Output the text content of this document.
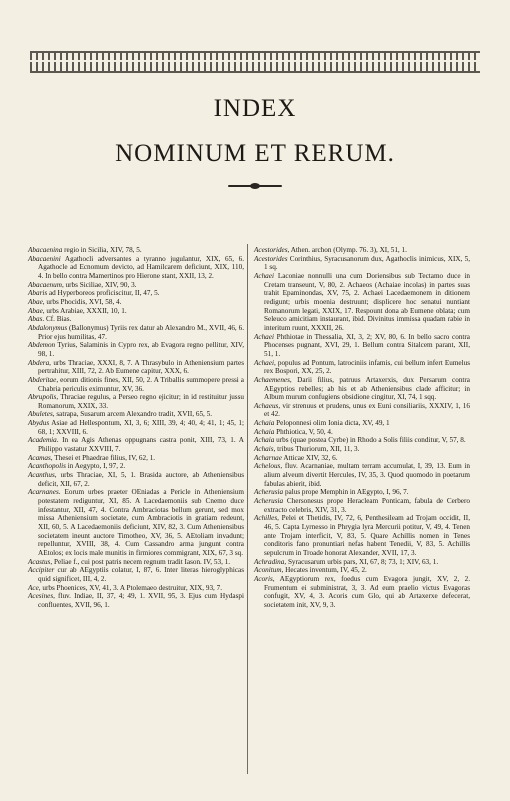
INDEX
NOMINUM ET RERUM.
Abacaenina regio in Sicilia, XIV, 78, 5.
Abacaenini Agathocli adversantes a tyranno jugulantur, XIX, 65, 6. Agathocle ad Ecnomum devicto, ad Hamilcarem deficiunt, XIX, 110, 4. In bello contra Mamertinos pro Hierone stant, XXII, 13, 2.
Abacaenum, urbs Siciliae, XIV, 90, 3.
Abaris ad Hyperboreos proficiscitur, II, 47, 5.
Abae, urbs Phocidis, XVI, 58, 4.
Abae, urbs Arabiae, XXXII, 10, 1.
Abas. Cf. Bias.
Abdalonymus (Ballonymus) Tyriis rex datur ab Alexandro M., XVII, 46, 6. Prior ejus humilitas, 47.
Abdemon Tyrius, Salaminis in Cypro rex, ab Evagora regno pellitur, XIV, 98, 1.
Abdera, urbs Thraciae, XXXI, 8, 7. A Thrasybulo in Atheniensium partes pertrahitur, XIII, 72, 2. Ab Eumene capitur, XXX, 6.
Abderitae, eorum ditionis fines, XII, 50, 2. A Triballis summopere pressi a Chabria periculis eximuntur, XV, 36.
Abrupolis, Thraciae regulus, a Perseo regno ejicitur; in id restituitur jussu Romanorum, XXIX, 33.
Abuletes, satrapa, Susarum arcem Alexandro tradit, XVII, 65, 5.
Abydus Asiae ad Hellespontum, XI, 3, 6; XIII, 39, 4; 40, 4; 41, 1; 45, 1; 68, 1; XXVIII, 6.
Academia. In ea Agis Athenas oppugnans castra ponit, XIII, 73, 1. A Philippo vastatur XXVIII, 7.
Acamas, Thesei et Phaedrae filius, IV, 62, 1.
Acanthopolis in Aegypto, I, 97, 2.
Acanthus, urbs Thraciae, XI, 5, 1. Brasida auctore, ab Atheniensibus deficit, XII, 67, 2.
Acarnanes. Eorum urbes praeter OEniadas a Pericle in Atheniensium potestatem rediguntur, XI, 85. A Lacedaemoniis sub Cnemo duce infestantur, XII, 47, 4. Contra Ambraciotas bellum gerunt, sed mox missa Atheniensium societate, cum Ambraciotis in gratiam redeunt, XII, 60, 5. A Lacedaemoniis deficiunt, XIV, 82, 3. Cum Atheniensibus societatem ineunt auctore Timotheo, XV, 36, 5. AEtoliam invadunt; repelluntur, XVIII, 38, 4. Cum Cassandro arma jungunt contra AEtolos; ex locis male munitis in firmiores commigrant, XIX, 67, 3 sq.
Acastus, Peliae f., cui post patris necem regnum tradit Iason. IV, 53, 1.
Accipiter cur ab AEgyptiis colatur, I, 87, 6. Inter literas hieroglyphicas quid significet, III, 4, 2.
Ace, urbs Phoenices, XV, 41, 3. A Ptolemaeo destruitur, XIX, 93, 7.
Acesines, fluv. Indiae, II, 37, 4; 49, 1. XVII, 95, 3. Ejus cum Hydaspi confluentes, XVII, 96, 1.
Acestorides, Athen. archon (Olymp. 76. 3), XI, 51, 1.
Acestorides Corinthius, Syracusanorum dux, Agathoclis inimicus, XIX, 5, 1 sq.
Achaei Laconiae nonnulli una cum Doriensibus sub Tectamo duce in Cretam transeunt, V, 80, 2. Achaeos (Achaiae incolas) in partes suas trahit Epaminondas, XV, 75, 2. Achaei Lacedaemonem in ditionem redigunt; urbis moenia destruunt; displicere hoc senatui nuntiant Romanorum legati, XXIX, 17. Respount dona ab Eumene oblata; cum Seleuco amicitiam instaurant, ibid. Divinitus immissa quadam rabie in interitum ruunt, XXXII, 26.
Achaei Phthiotae in Thessalia, XI, 3, 2; XV, 80, 6. In bello sacro contra Phocenses pugnant, XVI, 29, 1. Bellum contra Sitalcem parant, XII, 51, 1.
Achaei, populus ad Pontum, latrociniis infamis, cui bellum infert Eumelus rex Bospori, XX, 25, 2.
Achaemenes, Darii filius, patruus Artaxerxis, dux Persarum contra AEgyptios rebelles; ab his et ab Atheniensibus clade afficitur; in Album murum confugiens obsidione cingitur, XI, 74, 1 sqq.
Achaeus, vir strenuus et prudens, unus ex Euni consiliariis, XXXIV, 1, 16 et 42.
Achaia Peloponnesi olim Ionia dicta, XV, 49, 1
Achaia Phthiotica, V, 50, 4.
Achaia urbs (quae postea Cyrbe) in Rhodo a Solis filiis conditur, V, 57, 8.
Achais, tribus Thuriorum, XII, 11, 3.
Acharnae Atticae XIV, 32, 6.
Achelous, fluv. Acarnaniae, multam terram accumulat, I, 39, 13. Eum in alium alveum divertit Hercules, IV, 35, 3. Quod quomodo in poetarum fabulas abierit, ibid.
Acherusia palus prope Memphin in AEgypto, I, 96, 7.
Acherusia Chersonesus prope Heracleam Ponticam, fabula de Cerbero extracto celebris, XIV, 31, 3.
Achilles, Pelei et Thetidis, IV, 72, 6, Penthesileam ad Trojam occidit, II, 46, 5. Capta Lyrnesso in Phrygia lyra Mercurii potitur, V, 49, 4. Tenen ante Trojam interficit, V, 83, 5. Quare Achillis nomen in Tenes conditoris fano pronuntiari nefas habent Tenedii, V, 83, 5. Achillis sepulcrum in Troade honorat Alexander, XVII, 17, 3.
Achradina, Syracusarum urbis pars, XI, 67, 8; 73, 1; XIV, 63, 1.
Aconitum, Hecates inventum, IV, 45, 2.
Acoris, AEgyptiorum rex, foedus cum Evagora jungit, XV, 2, 2. Frumentum ei subministrat, 3, 3. Ad eum praelio victus Evagoras confugit, XV, 4, 3. Acoris cum Glo, qui ab Artaxerxe defecerat, societatem init, XV, 9, 3.
